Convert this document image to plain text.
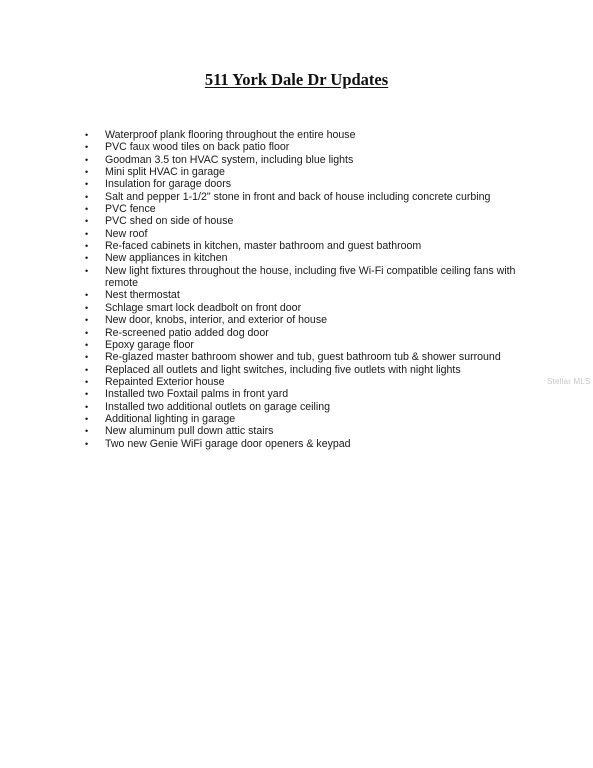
511 York Dale Dr Updates
•	Waterproof plank flooring throughout the entire house
•	PVC faux wood tiles on back patio floor
•	Goodman 3.5 ton HVAC system, including blue lights
•	Mini split HVAC in garage
•	Insulation for garage doors
•	Salt and pepper 1-1/2" stone in front and back of house including concrete curbing
•	PVC fence
•	PVC shed on side of house
•	New roof
•	Re-faced cabinets in kitchen, master bathroom and guest bathroom
•	New appliances in kitchen
•	New light fixtures throughout the house, including five Wi-Fi compatible ceiling fans with remote
•	Nest thermostat
•	Schlage smart lock deadbolt on front door
•	New door, knobs, interior, and exterior of house
•	Re-screened patio added dog door
•	Epoxy garage floor
•	Re-glazed master bathroom shower and tub, guest bathroom tub & shower surround
•	Replaced all outlets and light switches, including five outlets with night lights
•	Repainted Exterior house
•	Installed two Foxtail palms in front yard
•	Installed two additional outlets on garage ceiling
•	Additional lighting in garage
•	New aluminum pull down attic stairs
•	Two new Genie WiFi garage door openers & keypad
Stellar MLS
